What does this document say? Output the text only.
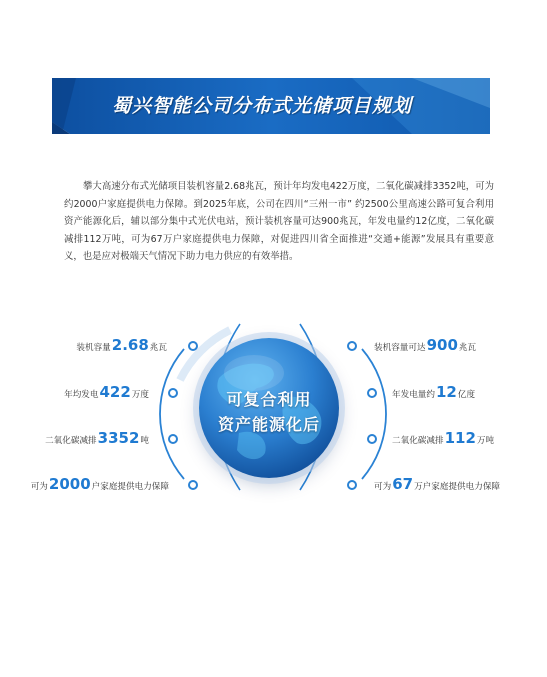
蜀兴智能公司分布式光储项目规划
攀大高速分布式光储项目装机容量2.68兆瓦，预计年均发电422万度，二氧化碳减排3352吨，可为约2000户家庭提供电力保障。到2025年底，公司在四川“三州一市” 约2500公里高速公路可复合利用资产能源化后，辅以部分集中式光伏电站，预计装机容量可达900兆瓦，年发电量约12亿度，二氧化碳减排112万吨，可为67万户家庭提供电力保障，对促进四川省全面推进“交通+能源”发展具有重要意义，也是应对极端天气情况下助力电力供应的有效举措。
可复合利用
资产能源化后
装机容量2.68兆瓦
年均发电422万度
二氧化碳减排3352吨
可为2000户家庭提供电力保障
装机容量可达900兆瓦
年发电量约12亿度
二氧化碳减排112万吨
可为67万户家庭提供电力保障
